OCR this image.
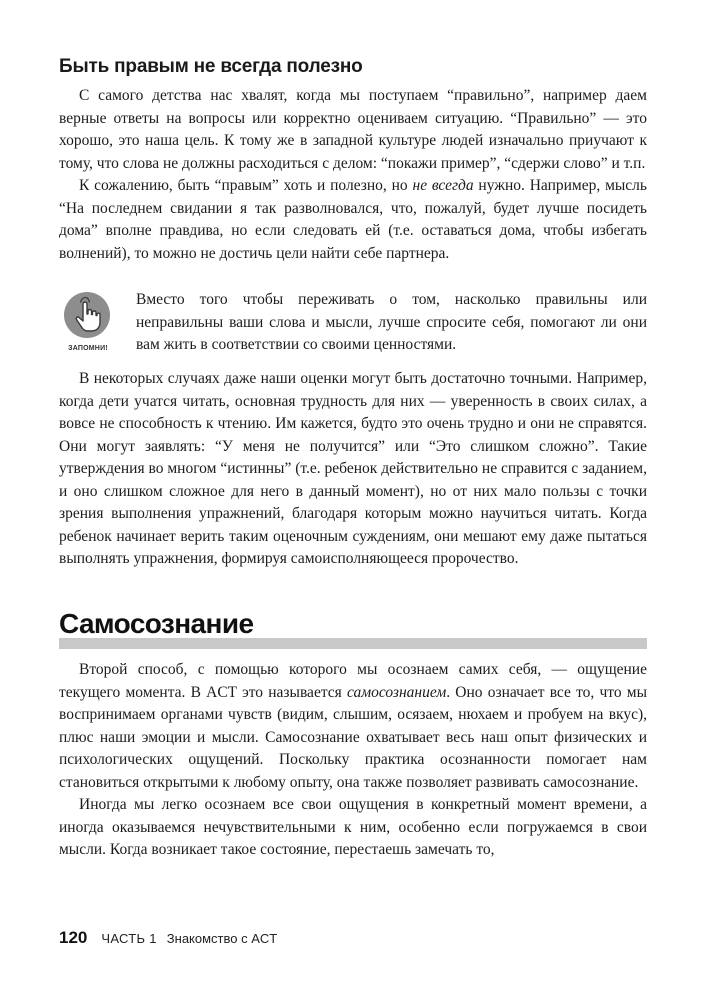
Быть правым не всегда полезно

С самого детства нас хвалят, когда мы поступаем “правильно”, например даем верные ответы на вопросы или корректно оцениваем ситуацию. “Правильно” — это хорошо, это наша цель. К тому же в западной культуре людей изначально приучают к тому, что слова не должны расходиться с делом: “покажи пример”, “сдержи слово” и т.п.

К сожалению, быть “правым” хоть и полезно, но не всегда нужно. Например, мысль “На последнем свидании я так разволновался, что, пожалуй, будет лучше посидеть дома” вполне правдива, но если следовать ей (т.е. оставаться дома, чтобы избегать волнений), то можно не достичь цели найти себе партнера.

ЗАПОМНИ!
Вместо того чтобы переживать о том, насколько правильны или неправильны ваши слова и мысли, лучше спросите себя, помогают ли они вам жить в соответствии со своими ценностями.

В некоторых случаях даже наши оценки могут быть достаточно точными. Например, когда дети учатся читать, основная трудность для них — уверенность в своих силах, а вовсе не способность к чтению. Им кажется, будто это очень трудно и они не справятся. Они могут заявлять: “У меня не получится” или “Это слишком сложно”. Такие утверждения во многом “истинны” (т.е. ребенок действительно не справится с заданием, и оно слишком сложное для него в данный момент), но от них мало пользы с точки зрения выполнения упражнений, благодаря которым можно научиться читать. Когда ребенок начинает верить таким оценочным суждениям, они мешают ему даже пытаться выполнять упражнения, формируя самоисполняющееся пророчество.

Самосознание

Второй способ, с помощью которого мы осознаем самих себя, — ощущение текущего момента. В ACT это называется самосознанием. Оно означает все то, что мы воспринимаем органами чувств (видим, слышим, осязаем, нюхаем и пробуем на вкус), плюс наши эмоции и мысли. Самосознание охватывает весь наш опыт физических и психологических ощущений. Поскольку практика осознанности помогает нам становиться открытыми к любому опыту, она также позволяет развивать самосознание.

Иногда мы легко осознаем все свои ощущения в конкретный момент времени, а иногда оказываемся нечувствительными к ним, особенно если погружаемся в свои мысли. Когда возникает такое состояние, перестаешь замечать то,

120 ЧАСТЬ 1 Знакомство с ACT
